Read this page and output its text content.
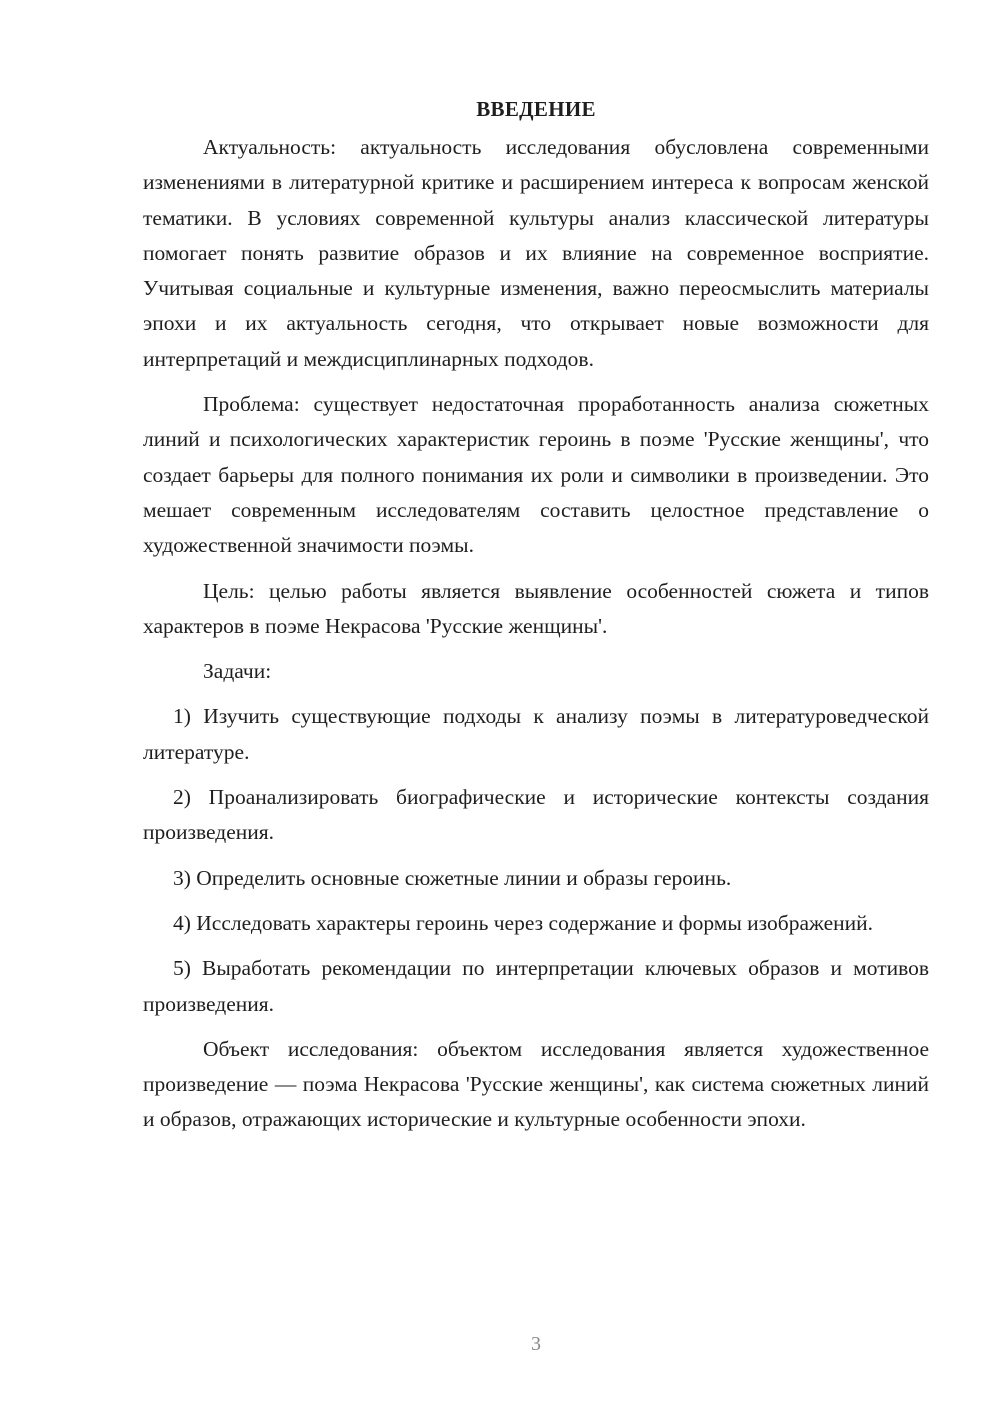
ВВЕДЕНИЕ

Актуальность: актуальность исследования обусловлена современными изменениями в литературной критике и расширением интереса к вопросам женской тематики. В условиях современной культуры анализ классической литературы помогает понять развитие образов и их влияние на современное восприятие. Учитывая социальные и культурные изменения, важно переосмыслить материалы эпохи и их актуальность сегодня, что открывает новые возможности для интерпретаций и междисциплинарных подходов.

Проблема: существует недостаточная проработанность анализа сюжетных линий и психологических характеристик героинь в поэме 'Русские женщины', что создает барьеры для полного понимания их роли и символики в произведении. Это мешает современным исследователям составить целостное представление о художественной значимости поэмы.

Цель: целью работы является выявление особенностей сюжета и типов характеров в поэме Некрасова 'Русские женщины'.

Задачи:

1) Изучить существующие подходы к анализу поэмы в литературоведческой литературе.

2) Проанализировать биографические и исторические контексты создания произведения.

3) Определить основные сюжетные линии и образы героинь.

4) Исследовать характеры героинь через содержание и формы изображений.

5) Выработать рекомендации по интерпретации ключевых образов и мотивов произведения.

Объект исследования: объектом исследования является художественное произведение — поэма Некрасова 'Русские женщины', как система сюжетных линий и образов, отражающих исторические и культурные особенности эпохи.

3
